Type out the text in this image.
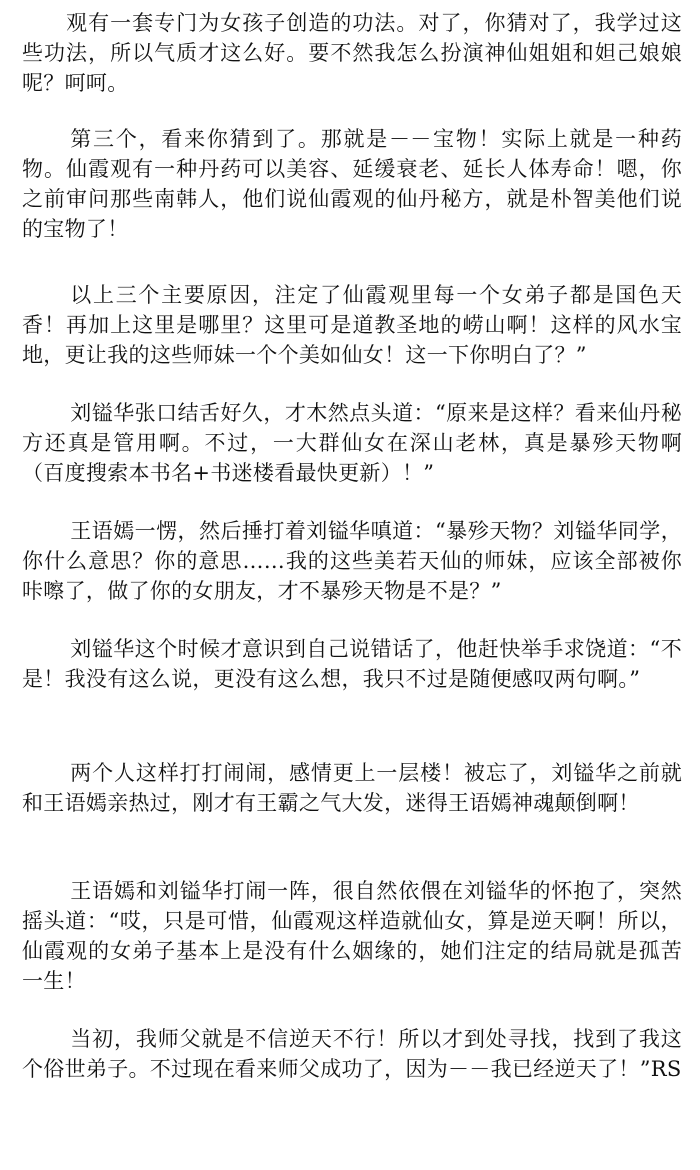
观有一套专门为女孩子创造的功法。对了，你猜对了，我学过这些功法，所以气质才这么好。要不然我怎么扮演神仙姐姐和妲己娘娘呢？呵呵。

第三个，看来你猜到了。那就是－－宝物！实际上就是一种药物。仙霞观有一种丹药可以美容、延缓衰老、延长人体寿命！嗯，你之前审问那些南韩人，他们说仙霞观的仙丹秘方，就是朴智美他们说的宝物了！

以上三个主要原因，注定了仙霞观里每一个女弟子都是国色天香！再加上这里是哪里？这里可是道教圣地的崂山啊！这样的风水宝地，更让我的这些师妹一个个美如仙女！这一下你明白了？”

刘镒华张口结舌好久，才木然点头道：“原来是这样？看来仙丹秘方还真是管用啊。不过，一大群仙女在深山老林，真是暴殄天物啊（百度搜索本书名+书迷楼看最快更新）！”

王语嫣一愣，然后捶打着刘镒华嗔道：“暴殄天物？刘镒华同学，你什么意思？你的意思……我的这些美若天仙的师妹，应该全部被你咔嚓了，做了你的女朋友，才不暴殄天物是不是？”

刘镒华这个时候才意识到自己说错话了，他赶快举手求饶道：“不是！我没有这么说，更没有这么想，我只不过是随便感叹两句啊。”

两个人这样打打闹闹，感情更上一层楼！被忘了，刘镒华之前就和王语嫣亲热过，刚才有王霸之气大发，迷得王语嫣神魂颠倒啊！

王语嫣和刘镒华打闹一阵，很自然依偎在刘镒华的怀抱了，突然摇头道：“哎，只是可惜，仙霞观这样造就仙女，算是逆天啊！所以，仙霞观的女弟子基本上是没有什么姻缘的，她们注定的结局就是孤苦一生！

当初，我师父就是不信逆天不行！所以才到处寻找，找到了我这个俗世弟子。不过现在看来师父成功了，因为－－我已经逆天了！”RS
